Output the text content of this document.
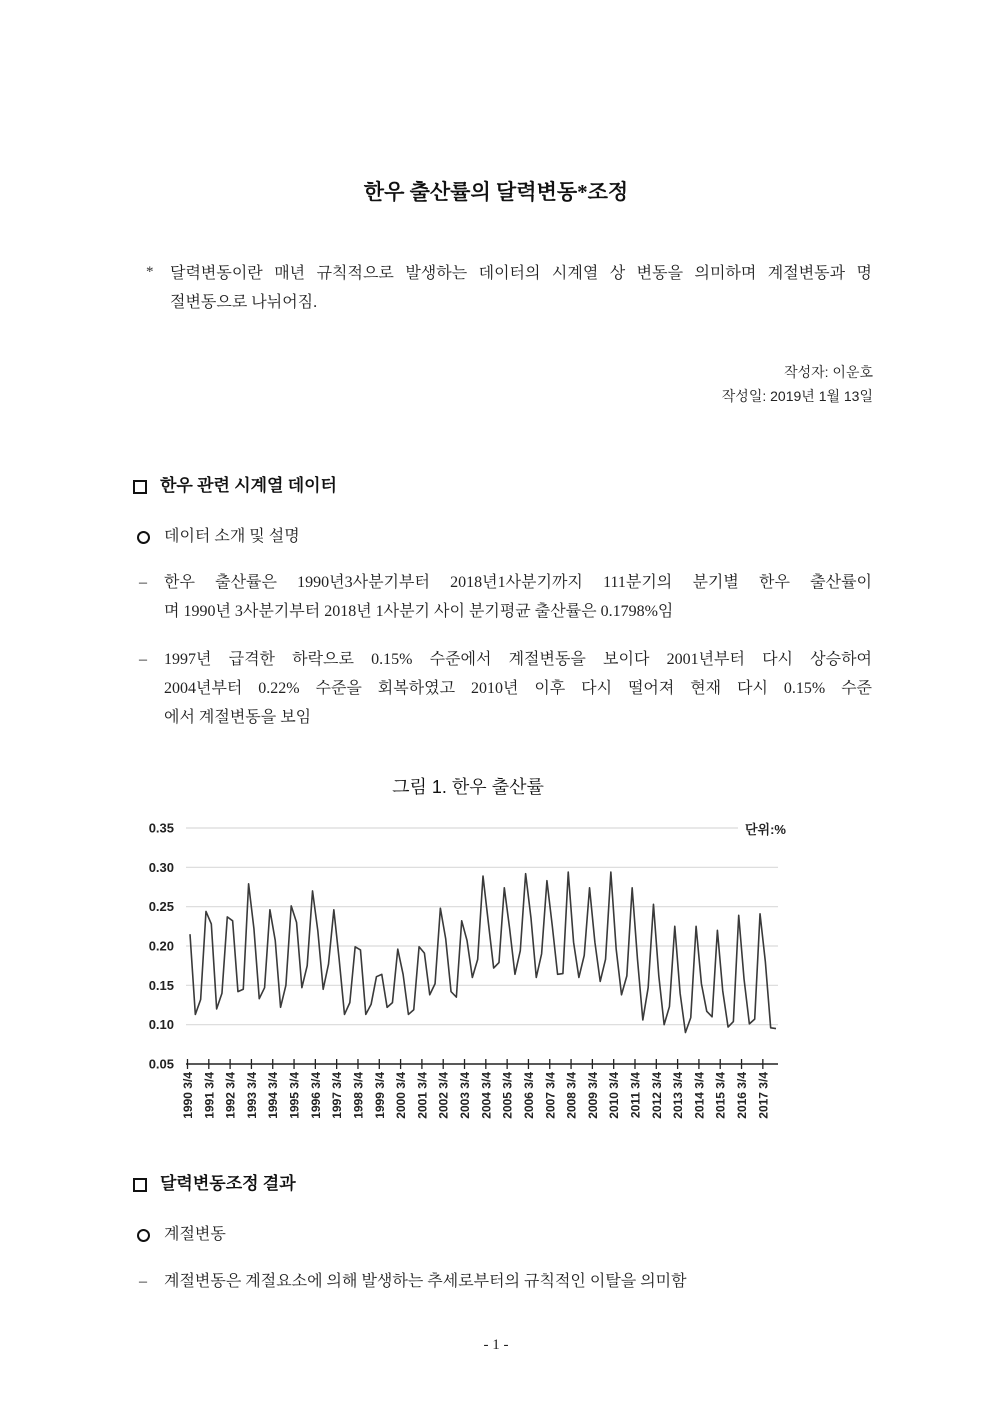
한우 출산률의 달력변동*조정
* 달력변동이란 매년 규칙적으로 발생하는 데이터의 시계열 상 변동을 의미하며 계절변동과 명
절변동으로 나뉘어짐.
작성자: 이운호
작성일: 2019년 1월 13일
한우 관련 시계열 데이터
데이터 소개 및 설명
– 한우 출산률은 1990년3사분기부터 2018년1사분기까지 111분기의 분기별 한우 출산률이
며 1990년 3사분기부터 2018년 1사분기 사이 분기평균 출산률은 0.1798%임
– 1997년 급격한 하락으로 0.15% 수준에서 계절변동을 보이다 2001년부터 다시 상승하여
2004년부터 0.22% 수준을 회복하였고 2010년 이후 다시 떨어져 현재 다시 0.15% 수준
에서 계절변동을 보임
그림 1. 한우 출산률
0.05
0.10
0.15
0.20
0.25
0.30
0.35	단위:%
1990 3/4 1991 3/4 1992 3/4 1993 3/4 1994 3/4 1995 3/4 1996 3/4 1997 3/4 1998 3/4 1999 3/4 2000 3/4 2001 3/4 2002 3/4 2003 3/4 2004 3/4 2005 3/4 2006 3/4 2007 3/4 2008 3/4 2009 3/4 2010 3/4 2011 3/4 2012 3/4 2013 3/4 2014 3/4 2015 3/4 2016 3/4 2017 3/4
달력변동조정 결과
계절변동
– 계절변동은 계절요소에 의해 발생하는 추세로부터의 규칙적인 이탈을 의미함
- 1 -
